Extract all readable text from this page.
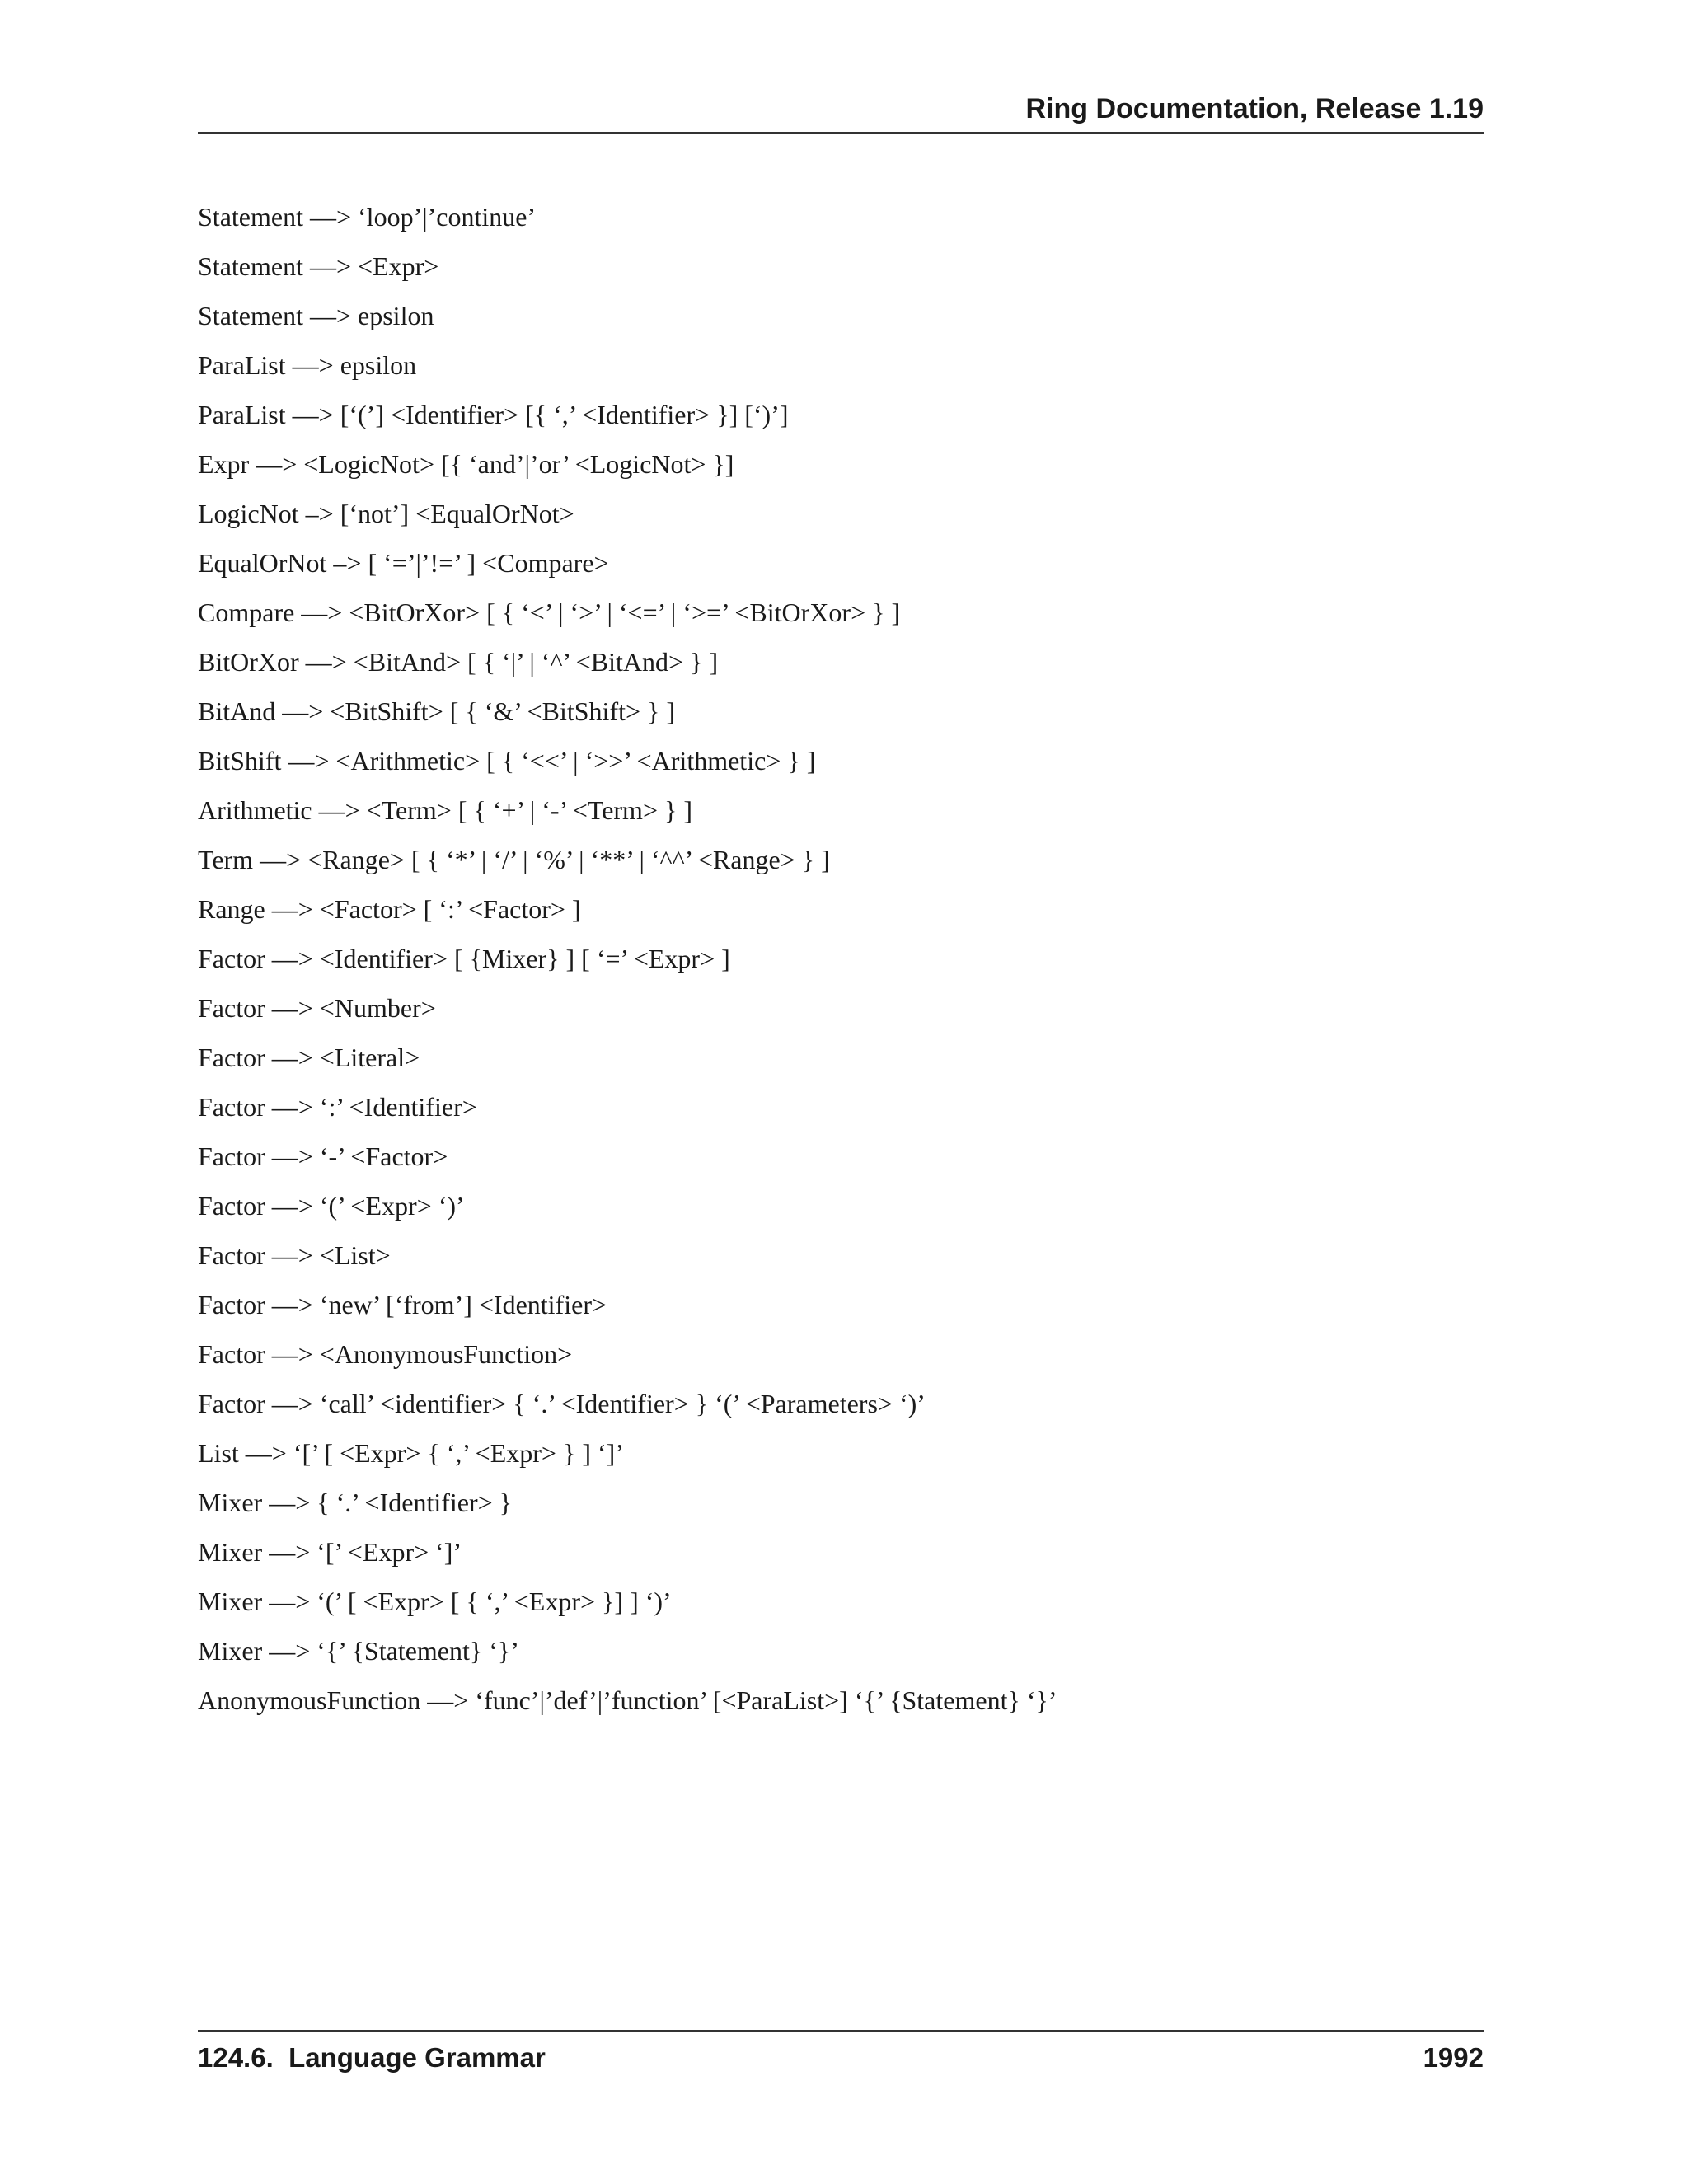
Ring Documentation, Release 1.19
Statement —> ‘loop’|’continue’
Statement —> <Expr>
Statement —> epsilon
ParaList —> epsilon
ParaList —> [‘(’] <Identifier> [{ ‘,’ <Identifier> }] [‘)’]
Expr —> <LogicNot> [{ ‘and’|’or’ <LogicNot> }]
LogicNot –> [‘not’] <EqualOrNot>
EqualOrNot –> [ ‘=’|’!=’ ] <Compare>
Compare —> <BitOrXor> [ { ‘<’ | ‘>’ | ‘<=’ | ‘>=’ <BitOrXor> } ]
BitOrXor —> <BitAnd> [ { ‘|’ | ‘^’ <BitAnd> } ]
BitAnd —> <BitShift> [ { ‘&’ <BitShift> } ]
BitShift —> <Arithmetic> [ { ‘<<’ | ‘>>’ <Arithmetic> } ]
Arithmetic —> <Term> [ { ‘+’ | ‘-’ <Term> } ]
Term —> <Range> [ { ‘*’ | ‘/’ | ‘%’ | ‘**’ | ‘^^’ <Range> } ]
Range —> <Factor> [ ‘:’ <Factor> ]
Factor —> <Identifier> [ {Mixer} ] [ ‘=’ <Expr> ]
Factor —> <Number>
Factor —> <Literal>
Factor —> ‘:’ <Identifier>
Factor —> ‘-’ <Factor>
Factor —> ‘(’ <Expr> ‘)’
Factor —> <List>
Factor —> ‘new’ [‘from’] <Identifier>
Factor —> <AnonymousFunction>
Factor —> ‘call’ <identifier> { ‘.’ <Identifier> } ‘(’ <Parameters> ‘)’
List —> ‘[’ [ <Expr> { ‘,’ <Expr> } ] ‘]’
Mixer —> { ‘.’ <Identifier> }
Mixer —> ‘[’ <Expr> ‘]’
Mixer —> ‘(’ [ <Expr> [ { ‘,’ <Expr> }] ] ‘)’
Mixer —> ‘{’ {Statement} ‘}’
AnonymousFunction —> ‘func’|’def’|’function’ [<ParaList>] ‘{’ {Statement} ‘}’
124.6.  Language Grammar	1992
